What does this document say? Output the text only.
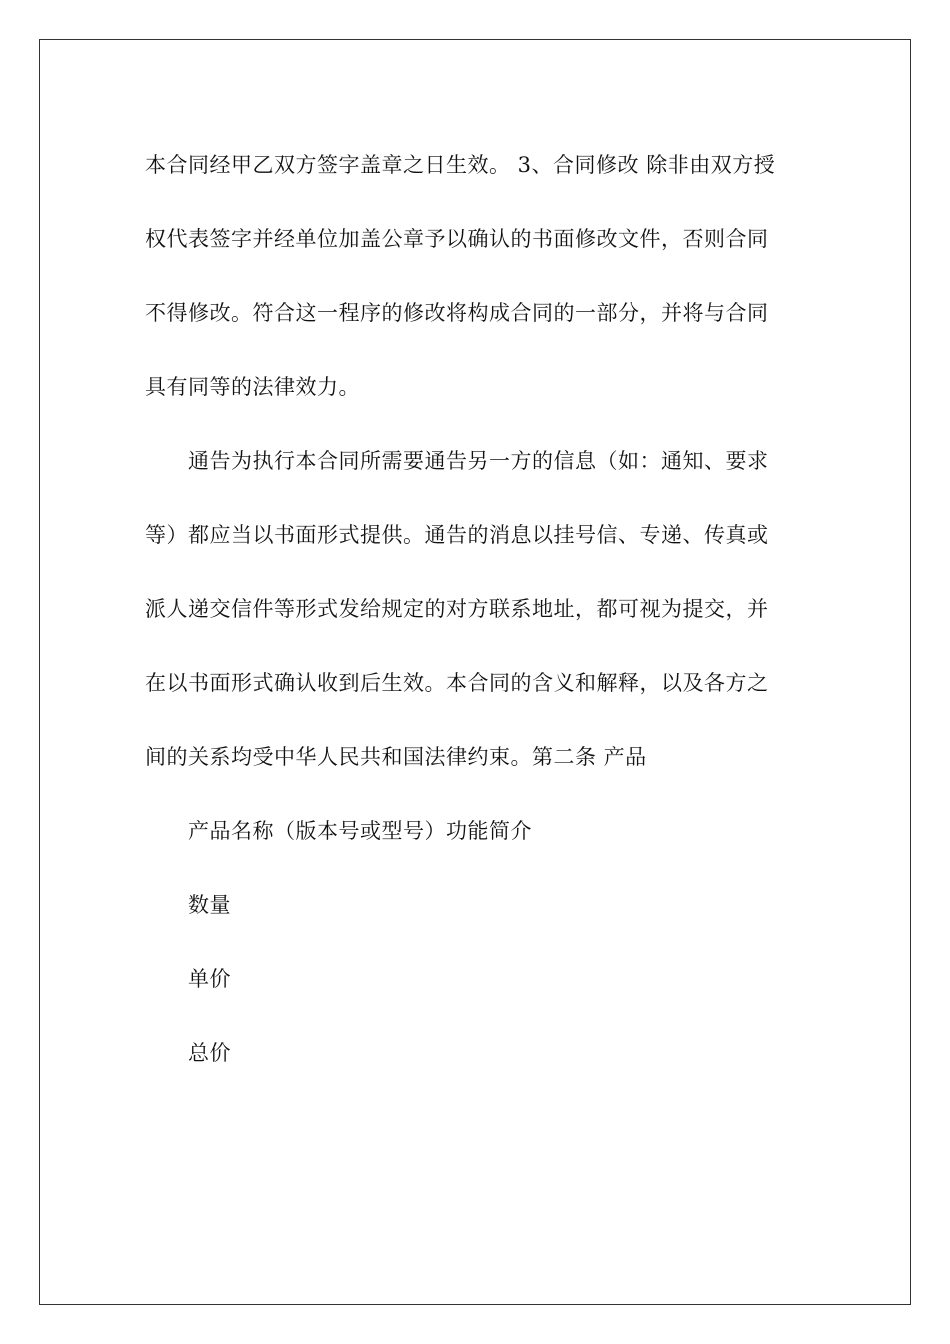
本合同经甲乙双方签字盖章之日生效。 3、合同修改 除非由双方授
权代表签字并经单位加盖公章予以确认的书面修改文件，否则合同
不得修改。符合这一程序的修改将构成合同的一部分，并将与合同
具有同等的法律效力。
通告为执行本合同所需要通告另一方的信息（如：通知、要求
等）都应当以书面形式提供。通告的消息以挂号信、专递、传真或
派人递交信件等形式发给规定的对方联系地址，都可视为提交，并
在以书面形式确认收到后生效。本合同的含义和解释，以及各方之
间的关系均受中华人民共和国法律约束。第二条 产品
产品名称（版本号或型号）功能简介
数量
单价
总价
